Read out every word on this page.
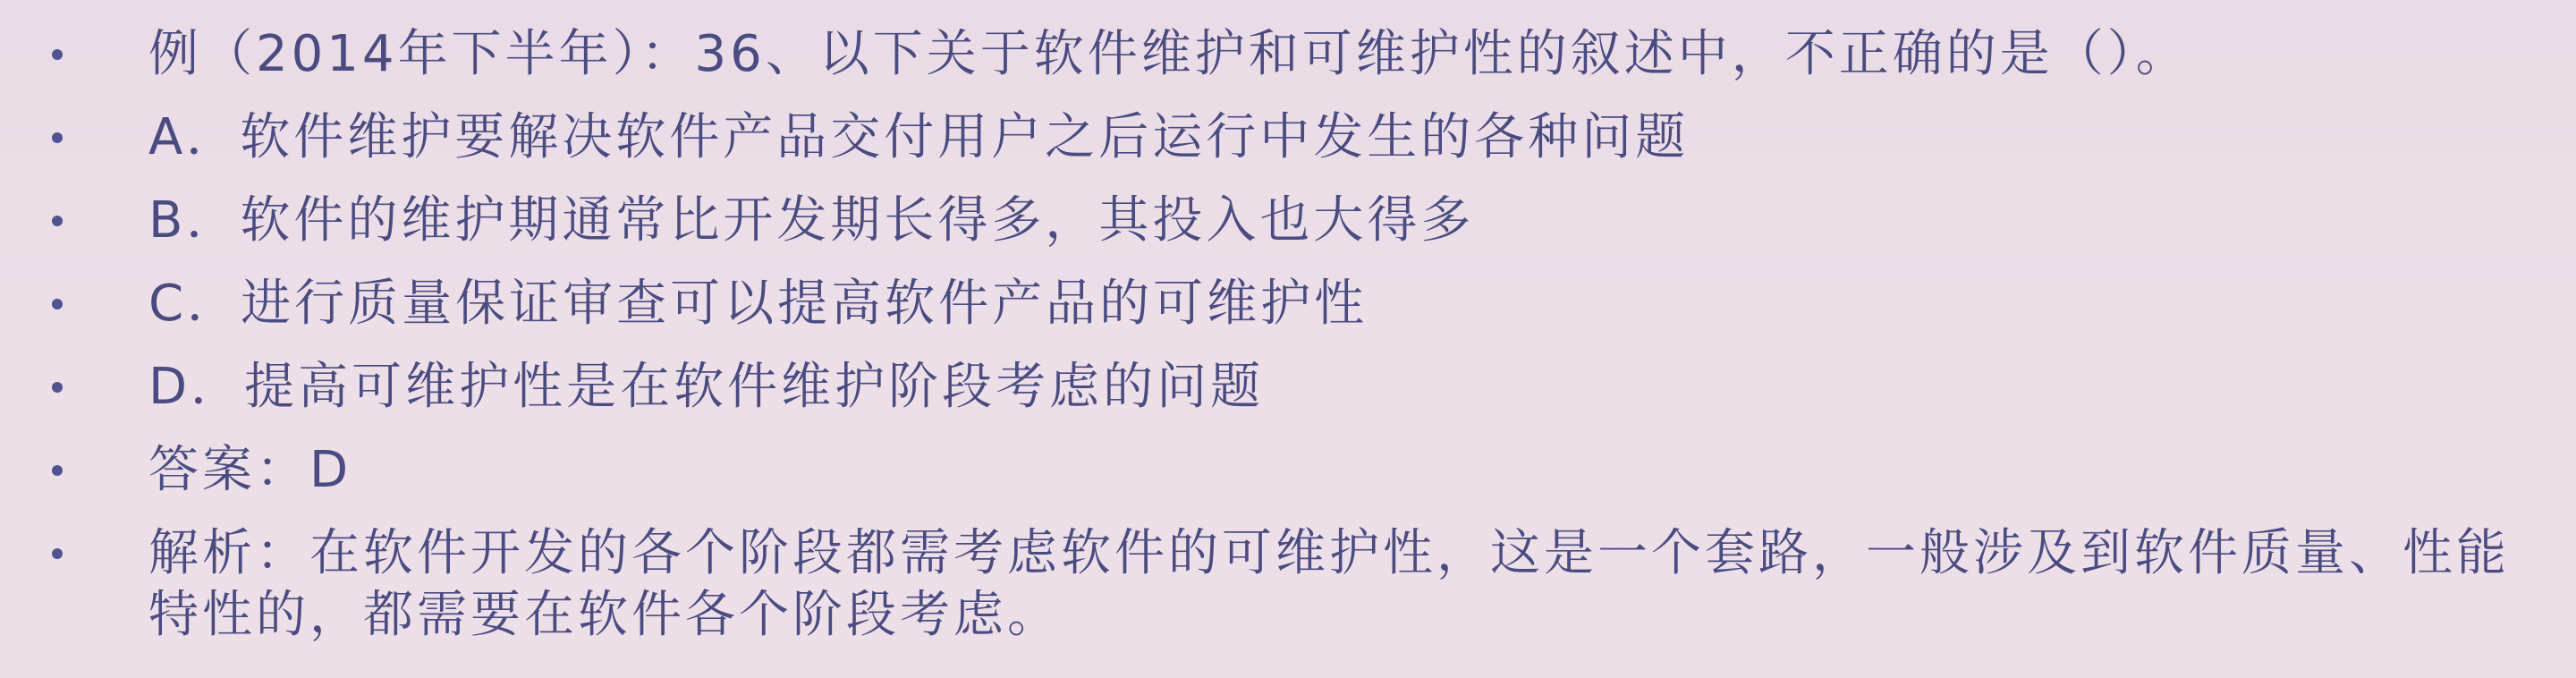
例（2014年下半年）：36、以下关于软件维护和可维护性的叙述中，不正确的是（）。
A．软件维护要解决软件产品交付用户之后运行中发生的各种问题
B．软件的维护期通常比开发期长得多，其投入也大得多
C．进行质量保证审查可以提高软件产品的可维护性
D．提高可维护性是在软件维护阶段考虑的问题
答案：D
解析：在软件开发的各个阶段都需考虑软件的可维护性，这是一个套路，一般涉及到软件质量、性能特性的，都需要在软件各个阶段考虑。
